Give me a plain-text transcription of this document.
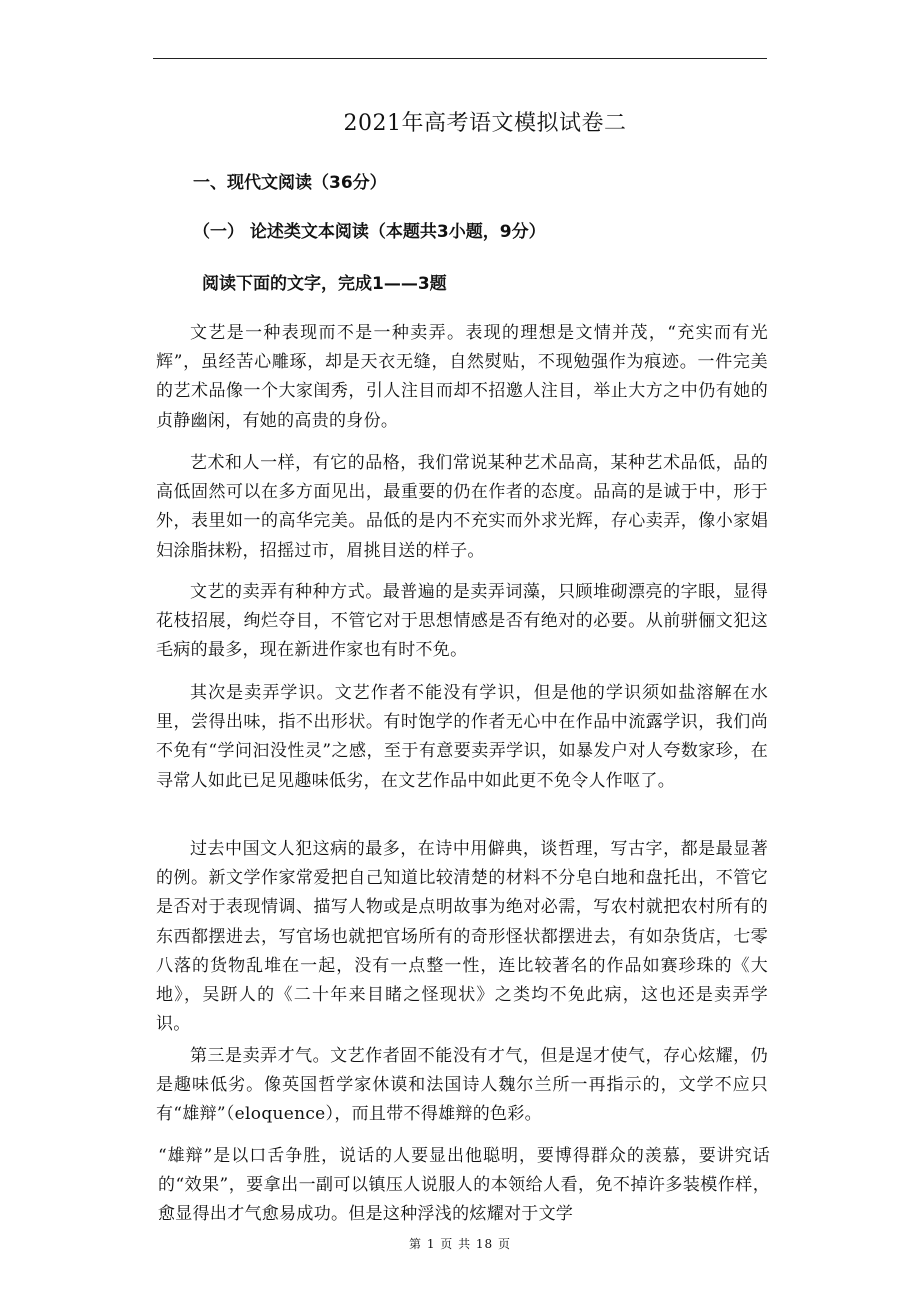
2021年高考语文模拟试卷二
一、现代文阅读（36分）
（一） 论述类文本阅读（本题共3小题，9分）
阅读下面的文字，完成1——3题

文艺是一种表现而不是一种卖弄。表现的理想是文情并茂，“充实而有光辉”，虽经苦心雕琢，却是天衣无缝，自然熨贴，不现勉强作为痕迹。一件完美的艺术品像一个大家闺秀，引人注目而却不招邀人注目，举止大方之中仍有她的贞静幽闲，有她的高贵的身份。

艺术和人一样，有它的品格，我们常说某种艺术品高，某种艺术品低，品的高低固然可以在多方面见出，最重要的仍在作者的态度。品高的是诚于中，形于外，表里如一的高华完美。品低的是内不充实而外求光辉，存心卖弄，像小家娼妇涂脂抹粉，招摇过市，眉挑目送的样子。

文艺的卖弄有种种方式。最普遍的是卖弄词藻，只顾堆砌漂亮的字眼，显得花枝招展，绚烂夺目，不管它对于思想情感是否有绝对的必要。从前骈俪文犯这毛病的最多，现在新进作家也有时不免。

其次是卖弄学识。文艺作者不能没有学识，但是他的学识须如盐溶解在水里，尝得出味，指不出形状。有时饱学的作者无心中在作品中流露学识，我们尚不免有“学问汩没性灵”之感，至于有意要卖弄学识，如暴发户对人夸数家珍，在寻常人如此已足见趣味低劣，在文艺作品中如此更不免令人作呕了。

过去中国文人犯这病的最多，在诗中用僻典，谈哲理，写古字，都是最显著的例。新文学作家常爱把自己知道比较清楚的材料不分皂白地和盘托出，不管它是否对于表现情调、描写人物或是点明故事为绝对必需，写农村就把农村所有的东西都摆进去，写官场也就把官场所有的奇形怪状都摆进去，有如杂货店，七零八落的货物乱堆在一起，没有一点整一性，连比较著名的作品如赛珍珠的《大地》，吴趼人的《二十年来目睹之怪现状》之类均不免此病，这也还是卖弄学识。

第三是卖弄才气。文艺作者固不能没有才气，但是逞才使气，存心炫耀，仍是趣味低劣。像英国哲学家休谟和法国诗人魏尔兰所一再指示的，文学不应只有“雄辩”（eloquence），而且带不得雄辩的色彩。

“雄辩”是以口舌争胜，说话的人要显出他聪明，要博得群众的羡慕，要讲究话的“效果”，要拿出一副可以镇压人说服人的本领给人看，免不掉许多装模作样，愈显得出才气愈易成功。但是这种浮浅的炫耀对于文学

第 1 页 共 18 页
